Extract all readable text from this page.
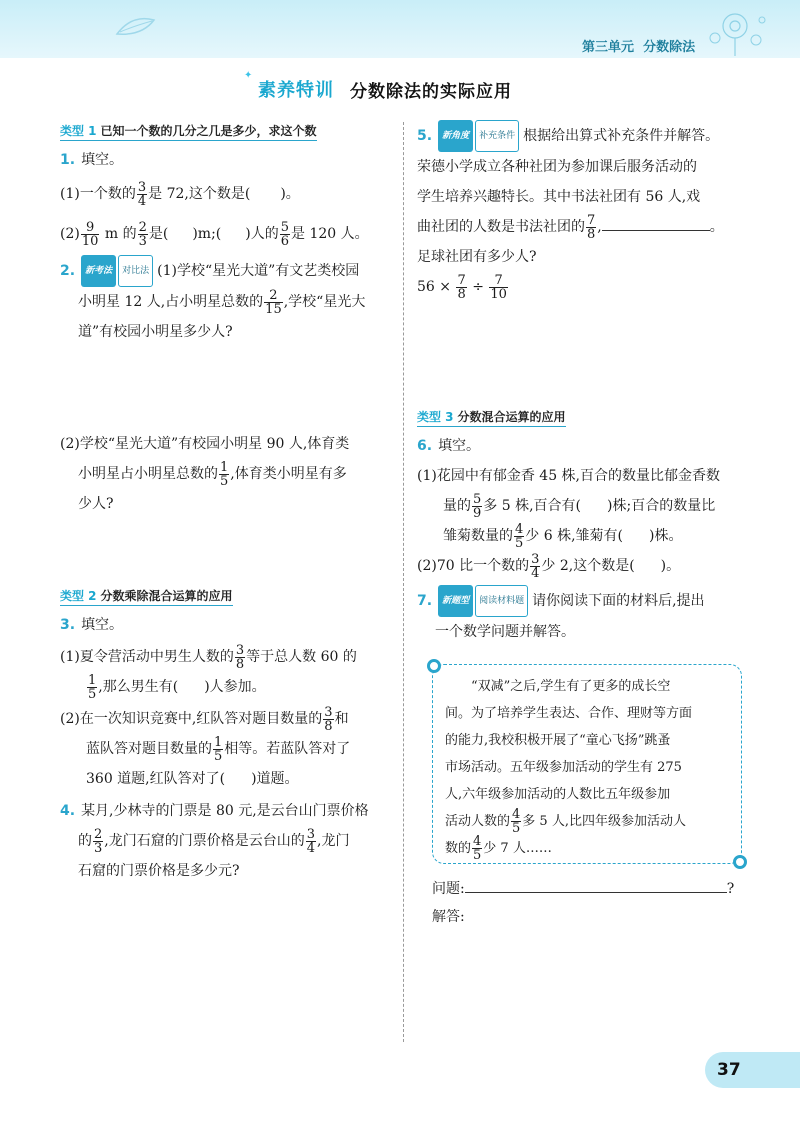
第三单元 分数除法
✦ 素养特训 分数除法的实际应用
类型 1 已知一个数的几分之几是多少，求这个数
1. 填空。
(1)一个数的 $\frac{3}{4}$ 是 72,这个数是( )。
$(2) \frac{9}{10}$ m 的 $\frac{2}{3}$ 是( )m;( )人的 $\frac{5}{6}$ 是 120 人。
2. 新考法 对比法 (1)学校“星光大道”有文艺类校园
小明星 12 人,占小明星总数的 $\frac{2}{15}$ ,学校“星光大
道”有校园小明星多少人?
(2)学校“星光大道”有校园小明星 90 人,体育类
小明星占小明星总数的 $\frac{1}{5}$ ,体育类小明星有多
少人?
类型 2 分数乘除混合运算的应用
3. 填空。
(1)夏令营活动中男生人数的 $\frac{3}{8}$ 等于总人数 60 的
$\frac{1}{5}$ ,那么男生有( )人参加。
(2)在一次知识竞赛中,红队答对题目数量的 $\frac{3}{8}$ 和
蓝队答对题目数量的 $\frac{1}{5}$ 相等。若蓝队答对了
360 道题,红队答对了( )道题。
4. 某月,少林寺的门票是 80 元,是云台山门票价格
的 $\frac{2}{3}$ ,龙门石窟的门票价格是云台山的 $\frac{3}{4}$ ,龙门
石窟的门票价格是多少元?
5. 新角度 补充条件 根据给出算式补充条件并解答。
荣德小学成立各种社团为参加课后服务活动的
学生培养兴趣特长。其中书法社团有 56 人,戏
曲社团的人数是书法社团的 $\frac{7}{8}$ ,	。
足球社团有多少人?
$56 \times \frac{7}{8} \div \frac{7}{10}$
类型 3 分数混合运算的应用
6. 填空。
(1)花园中有郁金香 45 株,百合的数量比郁金香数
量的 $\frac{5}{9}$ 多 5 株,百合有( )株;百合的数量比
雏菊数量的 $\frac{4}{5}$ 少 6 株,雏菊有( )株。
(2)70 比一个数的 $\frac{3}{4}$ 少 2,这个数是( )。
7. 新题型 阅读材料题 请你阅读下面的材料后,提出
一个数学问题并解答。
“双减”之后,学生有了更多的成长空
间。为了培养学生表达、合作、理财等方面
的能力,我校积极开展了“童心飞扬”跳蚤
市场活动。五年级参加活动的学生有 275
人,六年级参加活动的人数比五年级参加
活动人数的 $\frac{4}{5}$ 多 5 人,比四年级参加活动人
数的 $\frac{4}{5}$ 少 7 人……
问题:	?
解答:
37
